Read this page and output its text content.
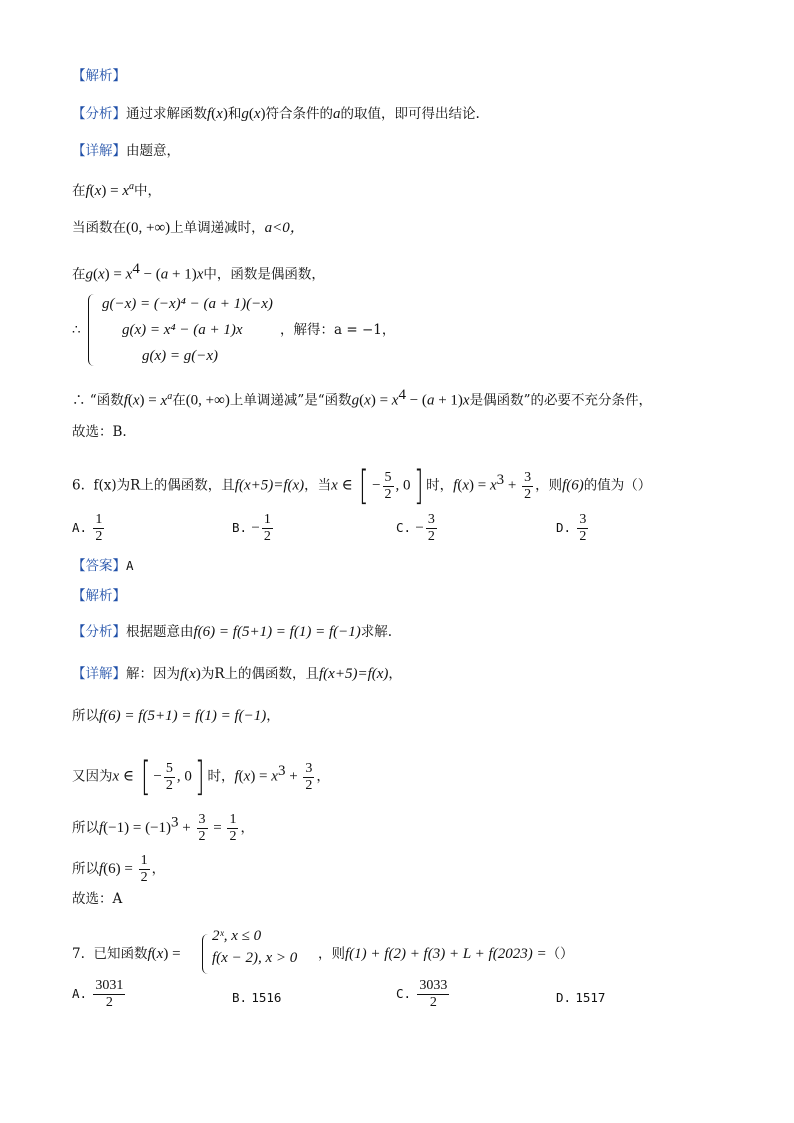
【解析】
【分析】通过求解函数f(x)和g(x)符合条件的a的取值，即可得出结论.
【详解】由题意，
在$f(x) = x^a$中，
当函数在(0, +∞)上单调递减时，a<0，
在$g(x) = x^4 - (a + 1)x$中，函数是偶函数，
∴
g(−x) = (−x)⁴ − (a + 1)(−x)
g(x) = x⁴ − (a + 1)x
g(x) = g(−x)
，解得：a = −1，
∴ “函数$f(x) = x^a$在(0, +∞)上单调递减”是“函数$g(x) = x^4 - (a + 1)x$是偶函数”的必要不充分条件，
故选：B.
6. f(x)为R上的偶函数，且f(x+5)=f(x)，当x ∈ [ − $\frac{5}{2}$ , 0] 时，$f(x) = x^3 + \frac{3}{2}$ ，则f(6)的值为（）
A. $\frac{1}{2}$	B. − $\frac{1}{2}$	C. − $\frac{3}{2}$	D. $\frac{3}{2}$
【答案】A
【解析】
【分析】根据题意由f(6) = f(5+1) = f(1) = f(−1)求解.
【详解】解：因为f(x)为R上的偶函数，且f(x+5)=f(x)，
所以f(6) = f(5+1) = f(1) = f(−1)，
又因为x ∈ [ − $\frac{5}{2}$ , 0] 时，$f(x) = x^3 + \frac{3}{2}$ ，
所以$f(-1) = (-1)^3 + \frac{3}{2} = \frac{1}{2}$ ，
所以$f(6) = \frac{1}{2}$ ，
故选：A
7. 已知函数f(x) =
2ˣ, x ≤ 0
f(x − 2), x > 0 ，则f(1) + f(2) + f(3) + L + f(2023) =（）
A. $\frac{3031}{2}$	B. 1516	C. $\frac{3033}{2}$	D. 1517
